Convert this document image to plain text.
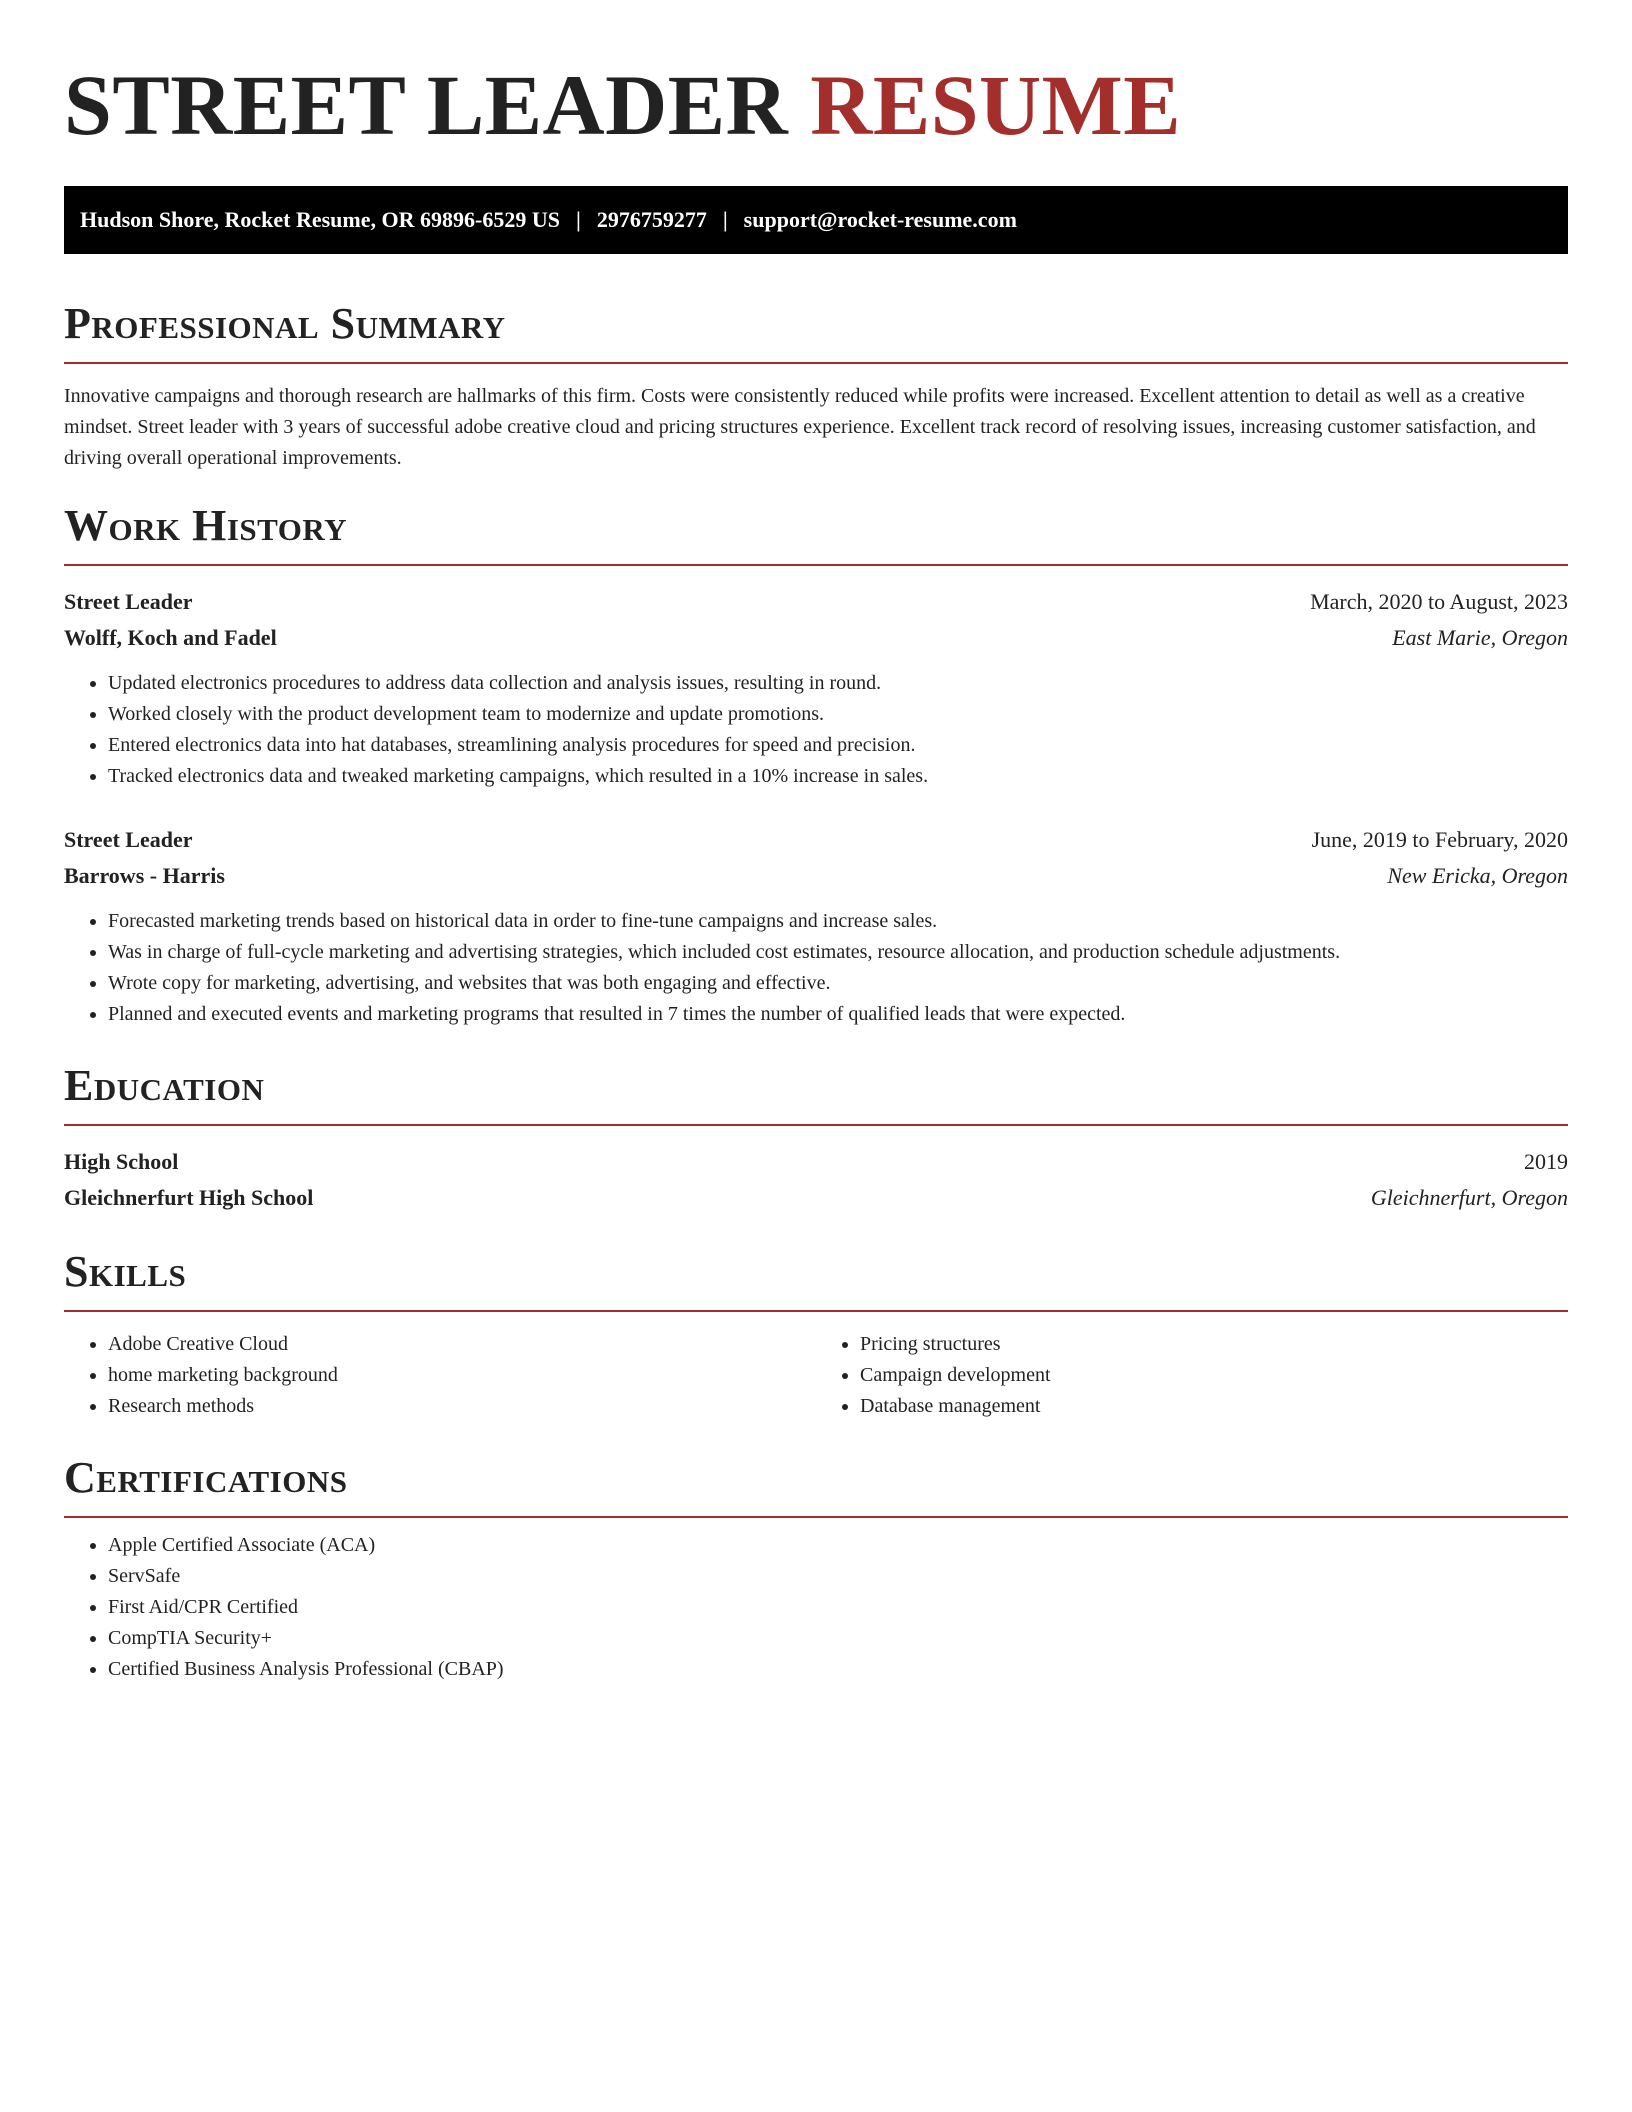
STREET LEADER RESUME
Hudson Shore, Rocket Resume, OR 69896-6529 US | 2976759277 | support@rocket-resume.com
Professional Summary

Innovative campaigns and thorough research are hallmarks of this firm. Costs were consistently reduced while profits were increased. Excellent attention to detail as well as a creative mindset. Street leader with 3 years of successful adobe creative cloud and pricing structures experience. Excellent track record of resolving issues, increasing customer satisfaction, and driving overall operational improvements.

Work History
Street Leader	March, 2020 to August, 2023
Wolff, Koch and Fadel	East Marie, Oregon
• Updated electronics procedures to address data collection and analysis issues, resulting in round.
• Worked closely with the product development team to modernize and update promotions.
• Entered electronics data into hat databases, streamlining analysis procedures for speed and precision.
• Tracked electronics data and tweaked marketing campaigns, which resulted in a 10% increase in sales.
Street Leader	June, 2019 to February, 2020
Barrows - Harris	New Ericka, Oregon
• Forecasted marketing trends based on historical data in order to fine-tune campaigns and increase sales.
• Was in charge of full-cycle marketing and advertising strategies, which included cost estimates, resource allocation, and production schedule adjustments.
• Wrote copy for marketing, advertising, and websites that was both engaging and effective.
• Planned and executed events and marketing programs that resulted in 7 times the number of qualified leads that were expected.
Education
High School	2019
Gleichnerfurt High School	Gleichnerfurt, Oregon
Skills
• Adobe Creative Cloud
• home marketing background
• Research methods
• Pricing structures
• Campaign development
• Database management
Certifications
• Apple Certified Associate (ACA)
• ServSafe
• First Aid/CPR Certified
• CompTIA Security+
• Certified Business Analysis Professional (CBAP)
